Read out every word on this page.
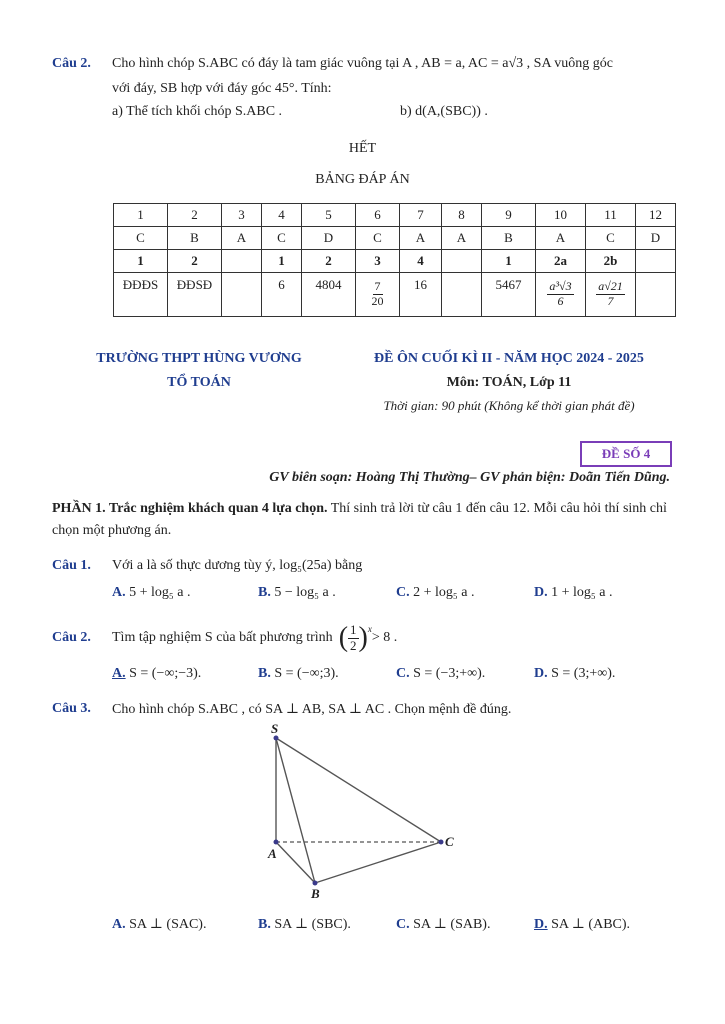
Câu 2. Cho hình chóp S.ABC có đáy là tam giác vuông tại A , AB = a, AC = a√3 , SA vuông góc
với đáy, SB hợp với đáy góc 45°. Tính:
a) Thể tích khối chóp S.ABC .	b) d(A,(SBC)) .
HẾT
BẢNG ĐÁP ÁN
1	2	3	4	5	6	7	8	9	10	11	12
C	B	A	C	D	C	A	A	B	A	C	D
1	2		1	2	3	4		1	2a	2b	
ĐĐĐS	ĐĐSĐ		6	4804	$\frac{7}{20}$	16		5467	$\frac{\text{a³√3}}{6}$	$\frac{a√21}{7}$

TRƯỜNG THPT HÙNG VƯƠNG
TỔ TOÁN
ĐỀ ÔN CUỐI KÌ II - NĂM HỌC 2024 - 2025
Môn: TOÁN, Lớp 11
Thời gian: 90 phút (Không kể thời gian phát đề)
ĐỀ SỐ 4
GV biên soạn: Hoàng Thị Thường– GV phản biện: Doãn Tiến Dũng.
PHẦN 1. Trắc nghiệm khách quan 4 lựa chọn. Thí sinh trả lời từ câu 1 đến câu 12. Mỗi câu hỏi thí sinh chỉ chọn một phương án.
Câu 1. Với a là số thực dương tùy ý, log₅(25a) bằng
A. 5 + log₅ a .	B. 5 − log₅ a .	C. 2 + log₅ a .	D. 1 + log₅ a .
Câu 2. Tìm tập nghiệm S của bất phương trình ( $\frac{1}{2} )^x$
> 8 .
A. S = (−∞;−3).	B. S = (−∞;3).	C. S = (−3;+∞).	D. S = (3;+∞).
Câu 3. Cho hình chóp S.ABC , có SA ⊥ AB, SA ⊥ AC . Chọn mệnh đề đúng.
S
A
B
C
A. SA ⊥ (SAC).	B. SA ⊥ (SBC).	C. SA ⊥ (SAB).	D. SA ⊥ (ABC).
